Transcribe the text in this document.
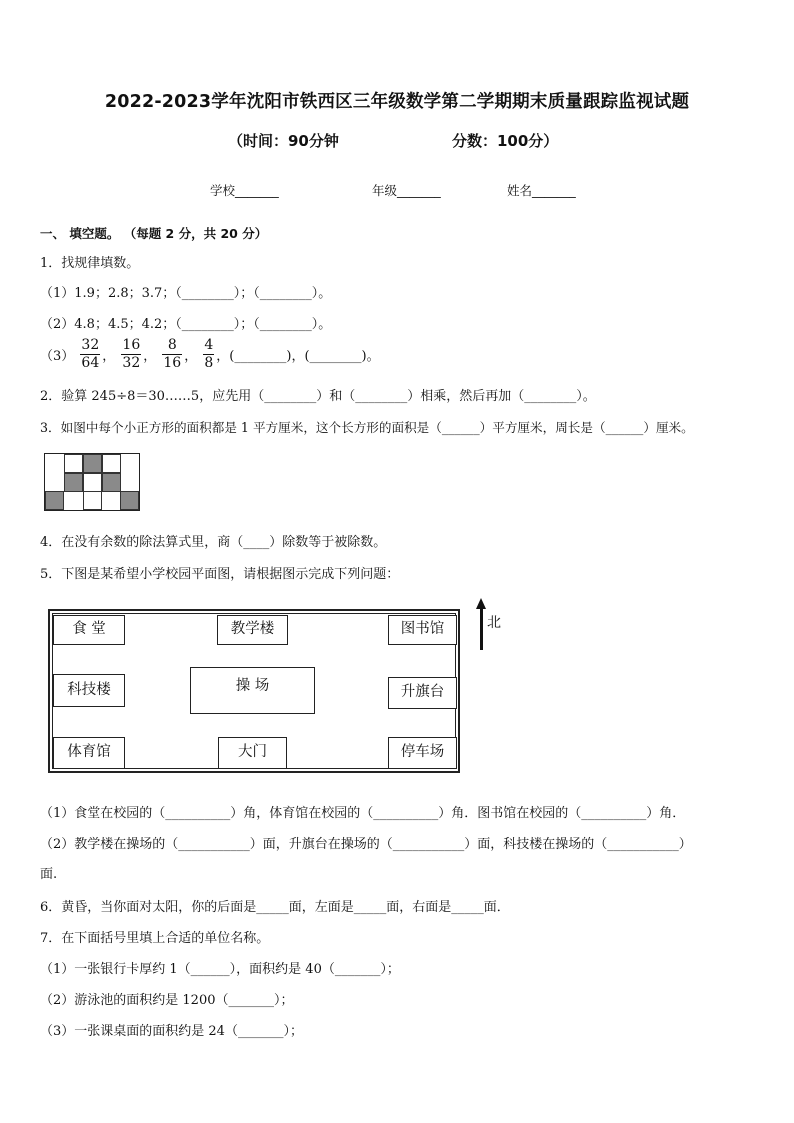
2022-2023学年沈阳市铁西区三年级数学第二学期期末质量跟踪监视试题
（时间：90分钟	分数：100分）
学校_______	年级_______	姓名_______
一、 填空题。 （每题 2 分，共 20 分）
1．找规律填数。
（1）1.9；2.8；3.7；（________）；（________）。
（2）4.8；4.5；4.2；（________）；（________）。
$(3) \frac{32}{64}$ ， $\frac{16}{32}$ ， $\frac{8}{16}$ ， $\frac{4}{8}$ ，(________)，(________)。
2．验算 245÷8＝30……5，应先用（________）和（________）相乘，然后再加（________）。
3．如图中每个小正方形的面积都是 1 平方厘米，这个长方形的面积是（______）平方厘米，周长是（______）厘米。
4．在没有余数的除法算式里，商（____）除数等于被除数。
5．下图是某希望小学校园平面图，请根据图示完成下列问题：
食 堂	教学楼	图书馆
科技楼	操 场	升旗台
体育馆	大门	停车场
北
（1）食堂在校园的（__________）角，体育馆在校园的（__________）角．图书馆在校园的（__________）角．
（2）教学楼在操场的（___________）面，升旗台在操场的（___________）面，科技楼在操场的（___________）
面.
6．黄昏，当你面对太阳，你的后面是_____面，左面是_____面，右面是_____面．
7．在下面括号里填上合适的单位名称。
（1）一张银行卡厚约 1（______），面积约是 40（_______）；
（2）游泳池的面积约是 1200（_______）；
（3）一张课桌面的面积约是 24（_______）；
